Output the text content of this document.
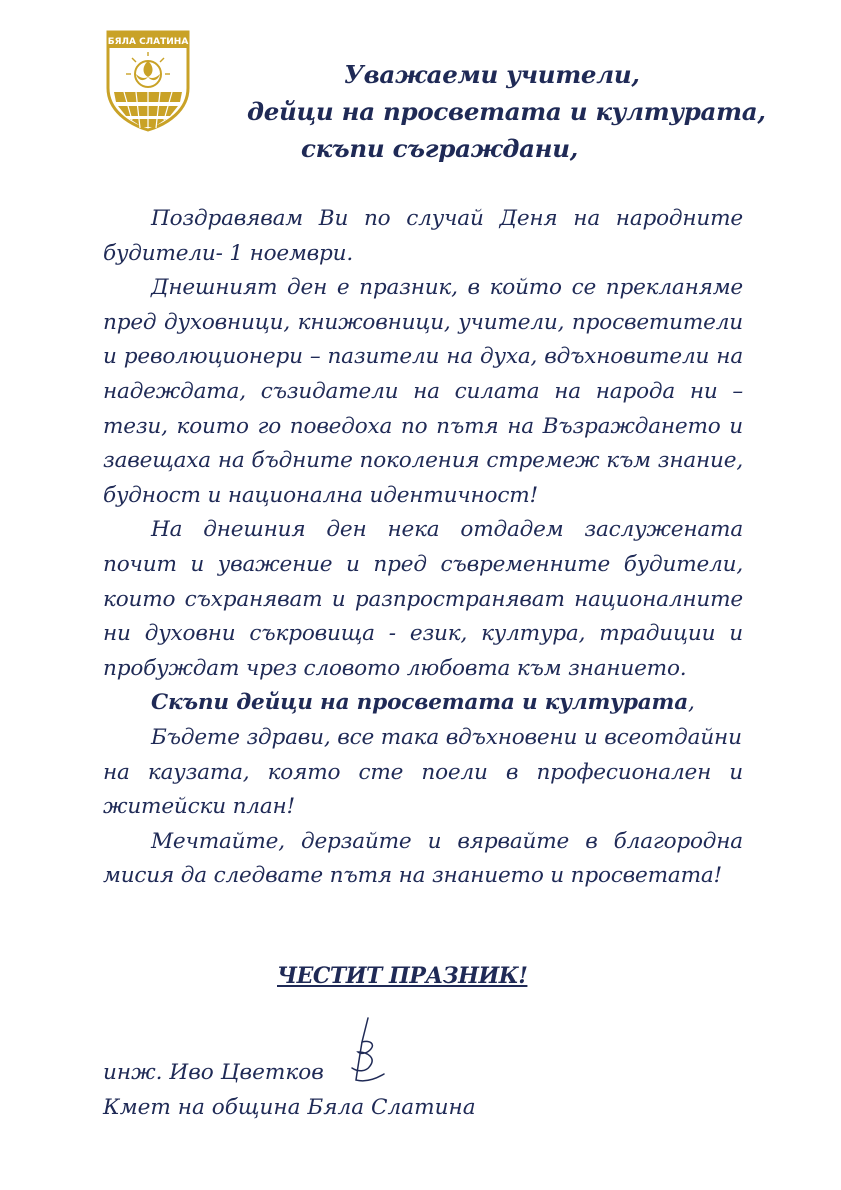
БЯЛА СЛАТИНА
Уважаеми учители,
дейци на просветата и културата,
скъпи съграждани,

Поздравявам Ви по случай Деня на народните будители- 1 ноември.

Днешният ден е празник, в който се прекланяме пред духовници, книжовници, учители, просветители и революционери – пазители на духа, вдъхновители на надеждата, съзидатели на силата на народа ни – тези, които го поведоха по пътя на Възраждането и завещаха на бъдните поколения стремеж към знание, будност и национална идентичност!

На днешния ден нека отдадем заслужената почит и уважение и пред съвременните будители, които съхраняват и разпространяват националните ни духовни съкровища - език, култура, традиции и пробуждат чрез словото любовта към знанието.

Скъпи дейци на просветата и културата,

Бъдете здрави, все така вдъхновени и всеотдайни

на каузата, която сте поели в професионален и житейски план!

Мечтайте, дерзайте и вярвайте в благородна мисия да следвате пътя на знанието и просветата!

ЧЕСТИТ ПРАЗНИК!
инж. Иво Цветков
Кмет на община Бяла Слатина
